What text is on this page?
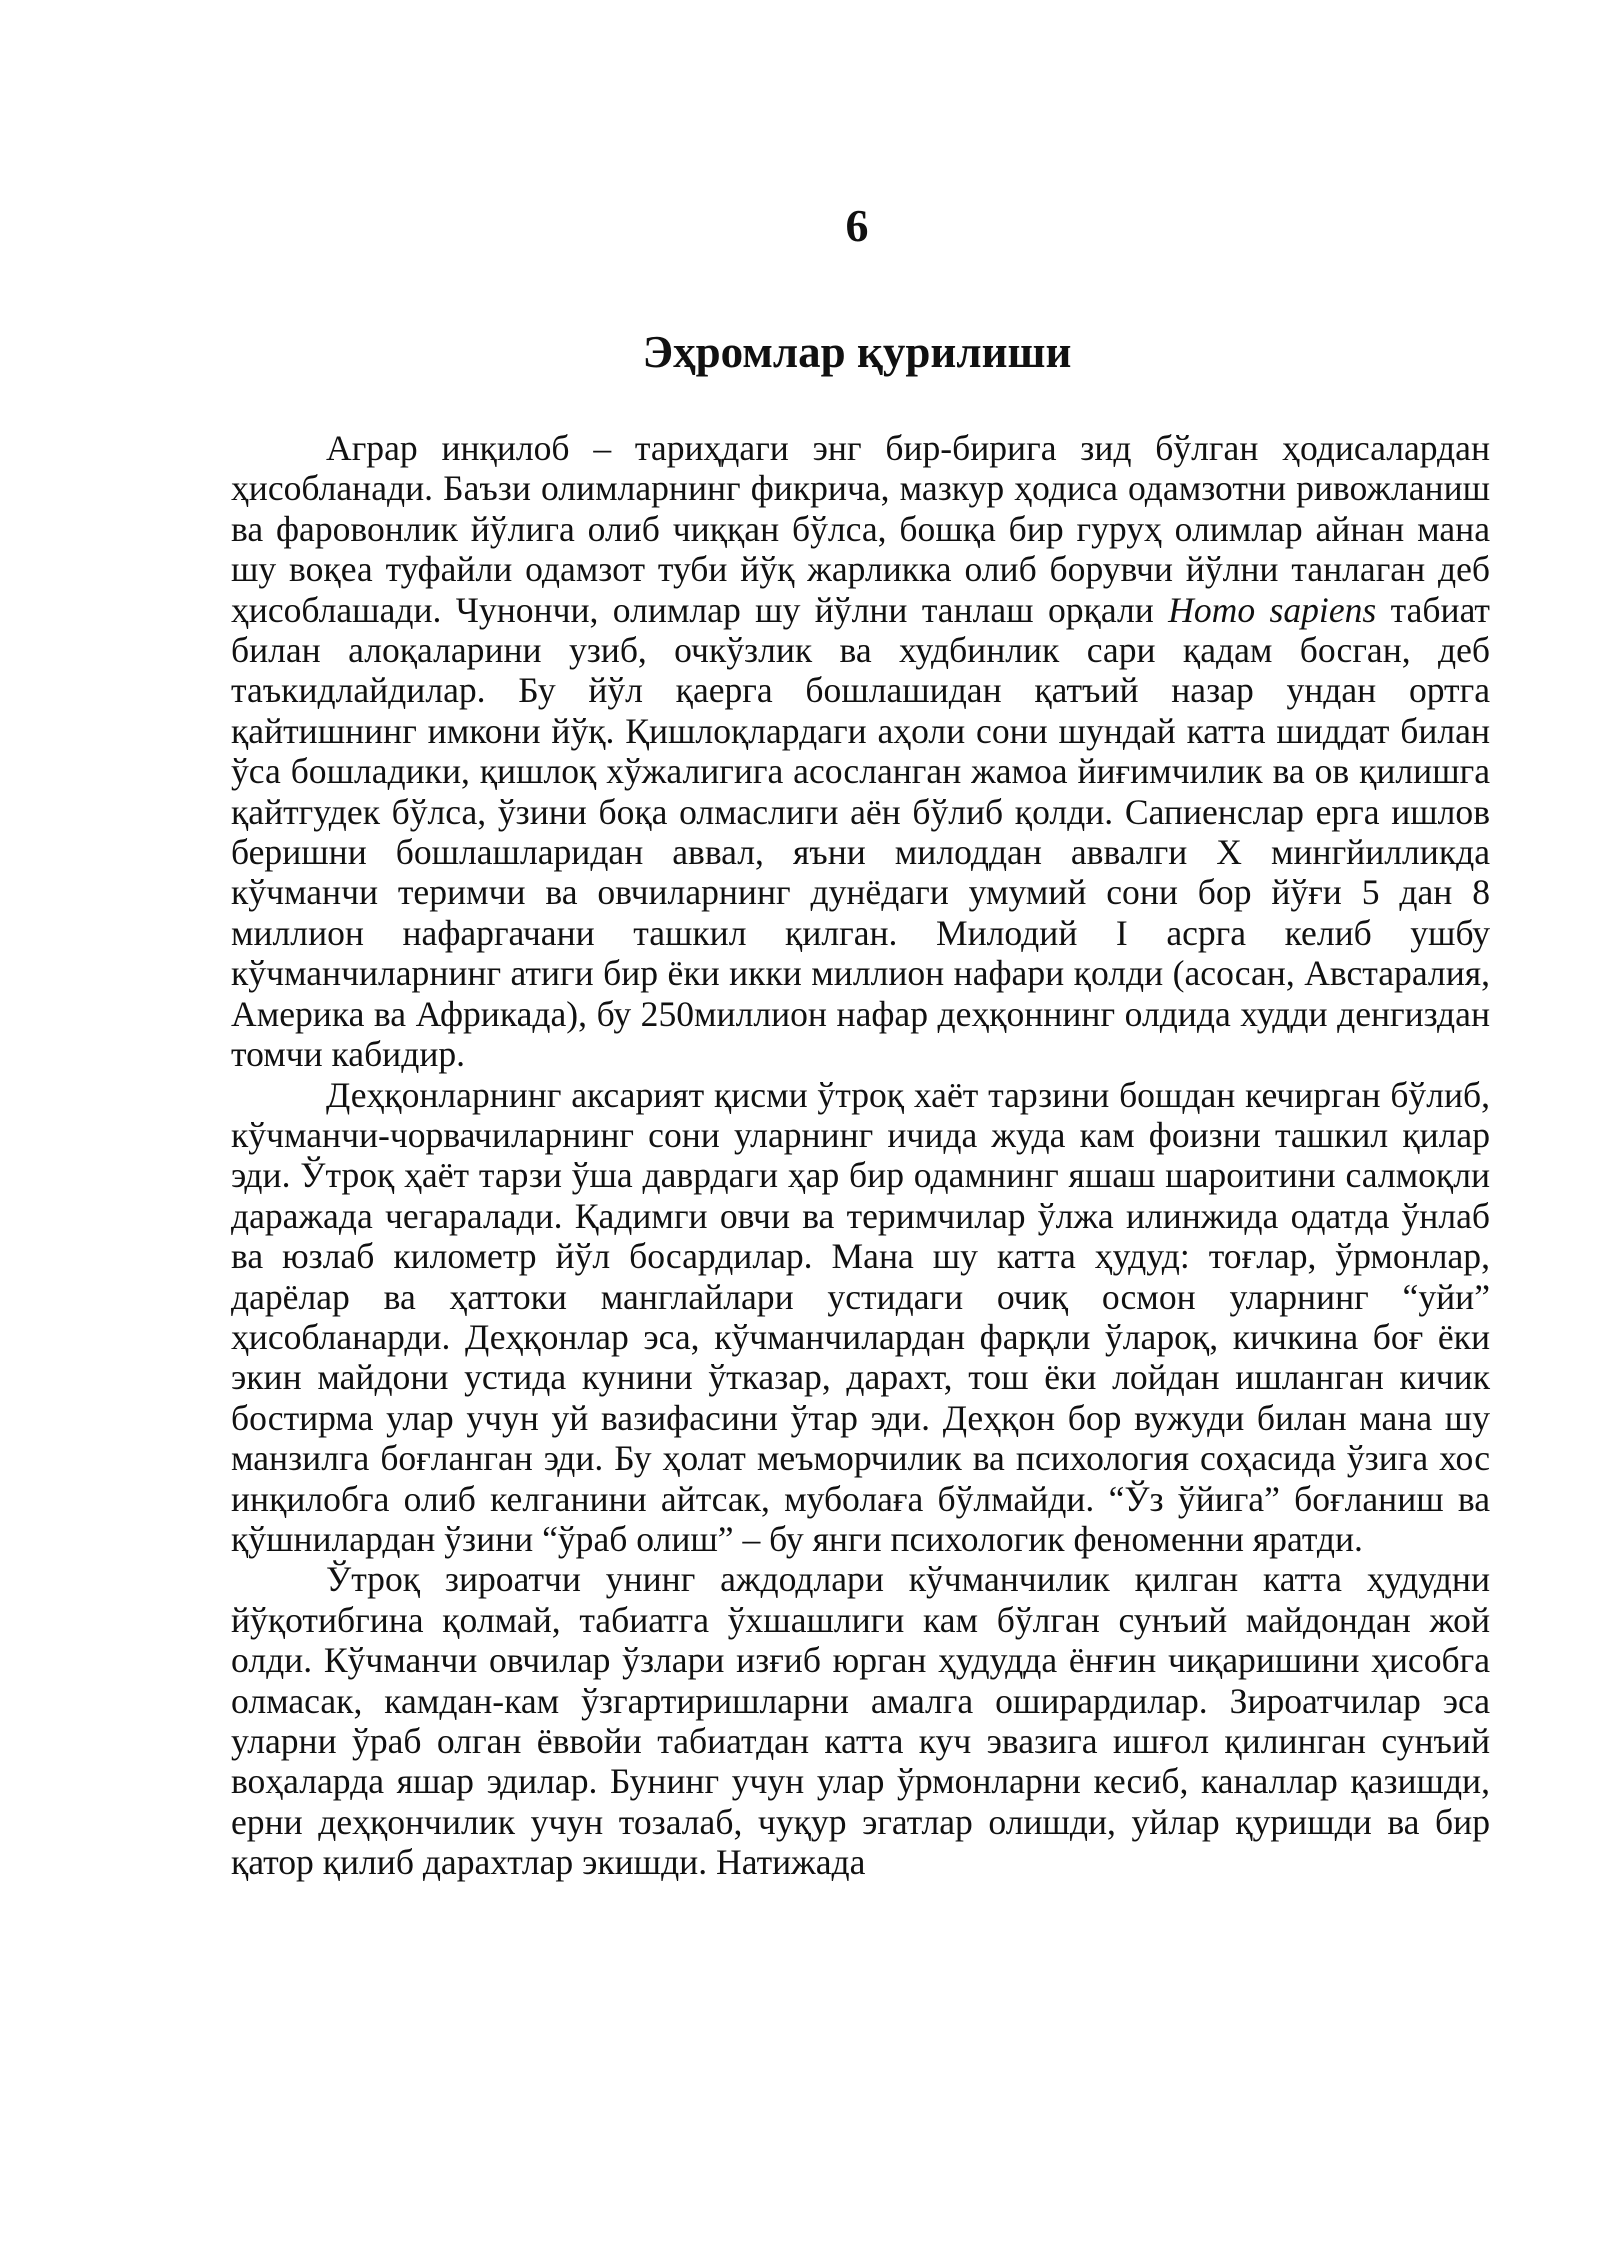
6
Эҳромлар қурилиши

Аграр инқилоб – тариҳдаги энг бир-бирига зид бўлган ҳодисалардан ҳисобланади. Баъзи олимларнинг фикрича, мазкур ҳодиса одамзотни ривожланиш ва фаровонлик йўлига олиб чиққан бўлса, бошқа бир гуруҳ олимлар айнан мана шу воқеа туфайли одамзот туби йўқ жарликка олиб борувчи йўлни танлаган деб ҳисоблашади. Чунончи, олимлар шу йўлни танлаш орқали Homo sapiens табиат билан алоқаларини узиб, очкўзлик ва худбинлик сари қадам босган, деб таъкидлайдилар. Бу йўл қаерга бошлашидан қатъий назар ундан ортга қайтишнинг имкони йўқ. Қишлоқлардаги аҳоли сони шундай катта шиддат билан ўса бошладики, қишлоқ хўжалигига асосланган жамоа йиғимчилик ва ов қилишга қайтгудек бўлса, ўзини боқа олмаслиги аён бўлиб қолди. Сапиенслар ерга ишлов беришни бошлашларидан аввал, яъни милоддан аввалги X мингйилликда кўчманчи теримчи ва овчиларнинг дунёдаги умумий сони бор йўғи 5 дан 8 миллион нафаргачани ташкил қилган. Милодий I асрга келиб ушбу кўчманчиларнинг атиги бир ёки икки миллион нафари қолди (асосан, Австаралия, Америка ва Африкада), бу 250миллион нафар деҳқоннинг олдида худди денгиздан томчи кабидир.

Деҳқонларнинг аксарият қисми ўтроқ хаёт тарзини бошдан кечирган бўлиб, кўчманчи-чорвачиларнинг сони уларнинг ичида жуда кам фоизни ташкил қилар эди. Ўтроқ ҳаёт тарзи ўша даврдаги ҳар бир одамнинг яшаш шароитини салмоқли даражада чегаралади. Қадимги овчи ва теримчилар ўлжа илинжида одатда ўнлаб ва юзлаб километр йўл босардилар. Мана шу катта ҳудуд: тоғлар, ўрмонлар, дарёлар ва ҳаттоки манглайлари устидаги очиқ осмон уларнинг “уйи” ҳисобланарди. Деҳқонлар эса, кўчманчилардан фарқли ўлароқ, кичкина боғ ёки экин майдони устида кунини ўтказар, дарахт, тош ёки лойдан ишланган кичик бостирма улар учун уй вазифасини ўтар эди. Деҳқон бор вужуди билан мана шу манзилга боғланган эди. Бу ҳолат меъморчилик ва психология соҳасида ўзига хос инқилобга олиб келганини айтсак, муболаға бўлмайди. “Ўз ўйига” боғланиш ва қўшнилардан ўзини “ўраб олиш” – бу янги психологик феноменни яратди.

Ўтроқ зироатчи унинг аждодлари кўчманчилик қилган катта ҳудудни йўқотибгина қолмай, табиатга ўхшашлиги кам бўлган сунъий майдондан жой олди. Кўчманчи овчилар ўзлари изғиб юрган ҳудудда ёнғин чиқаришини ҳисобга олмасак, камдан-кам ўзгартиришларни амалга оширардилар. Зироатчилар эса уларни ўраб олган ёввойи табиатдан катта куч эвазига ишғол қилинган сунъий воҳаларда яшар эдилар. Бунинг учун улар ўрмонларни кесиб, каналлар қазишди, ерни деҳқончилик учун тозалаб, чуқур эгатлар олишди, уйлар қуришди ва бир қатор қилиб дарахтлар экишди. Натижада
